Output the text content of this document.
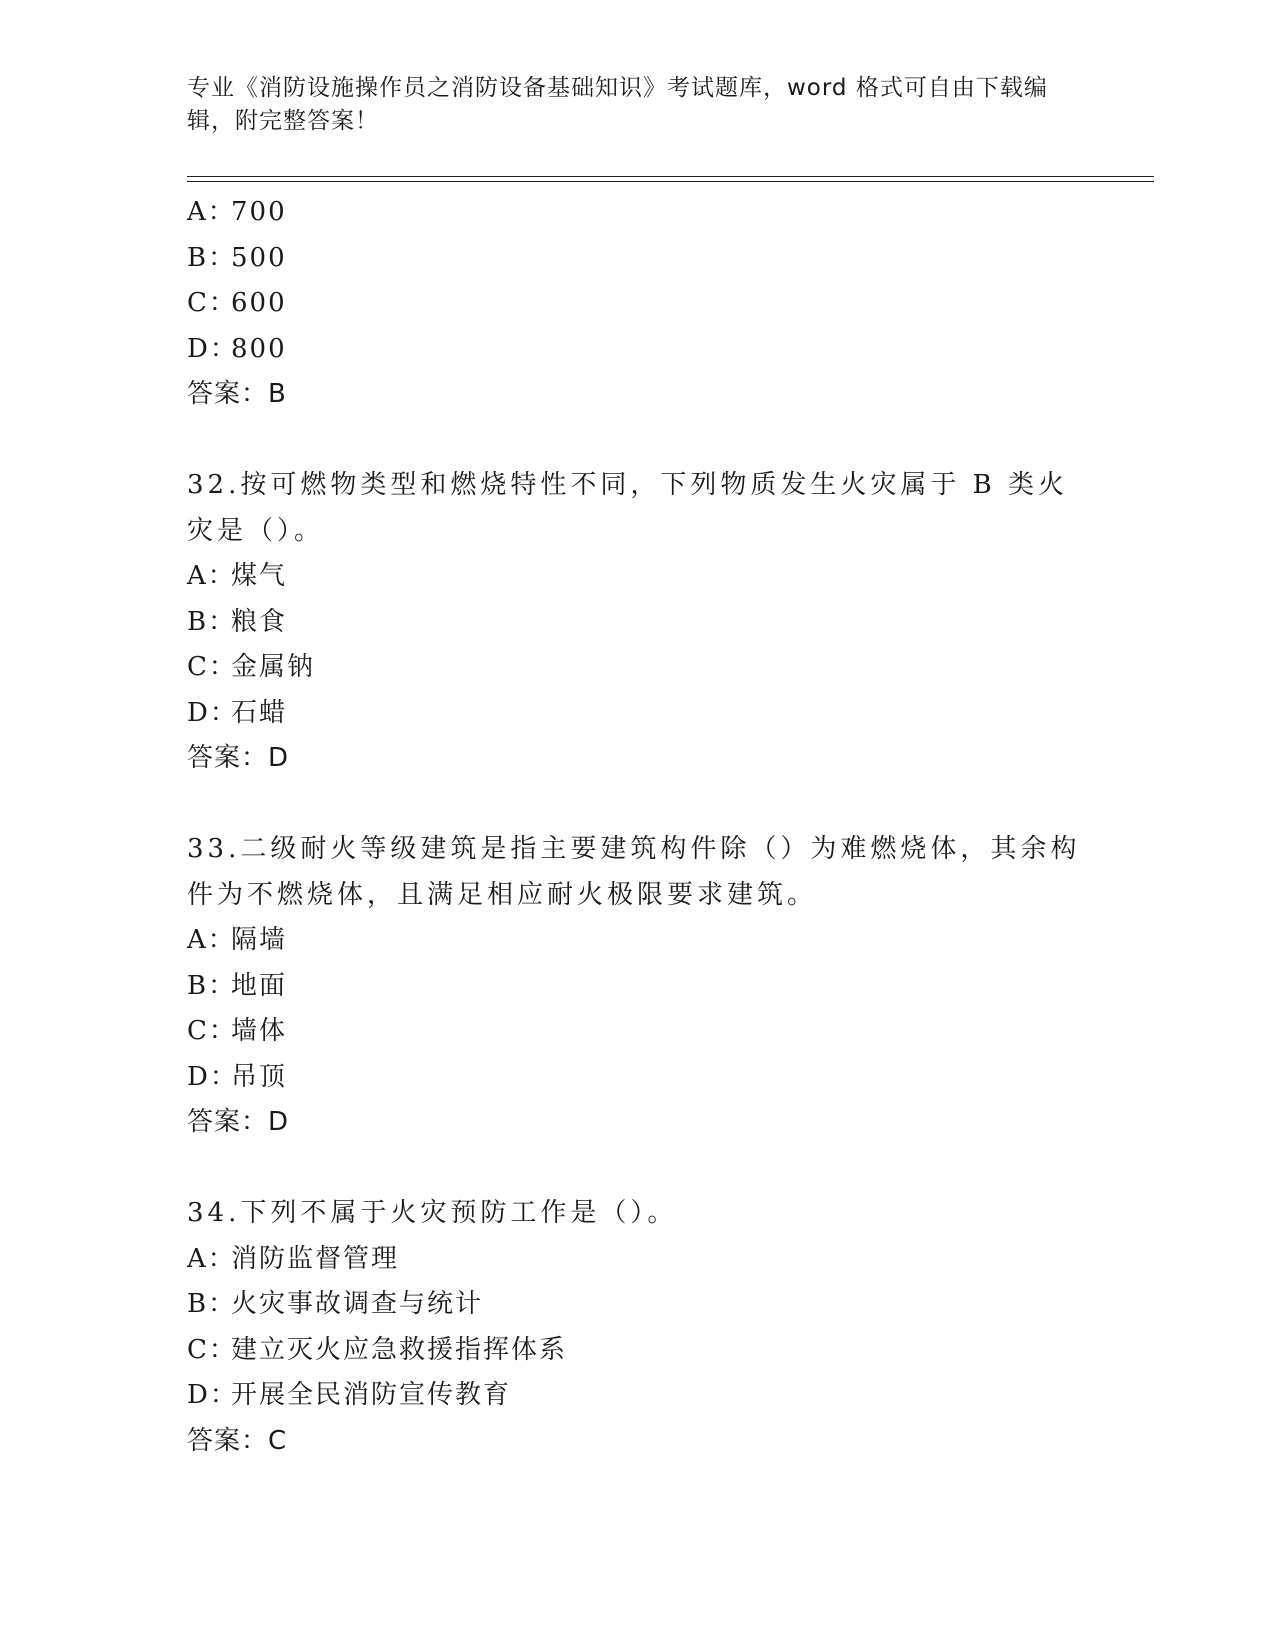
专业《消防设施操作员之消防设备基础知识》考试题库，word 格式可自由下载编辑，附完整答案！
A：700
B：500
C：600
D：800
答案：B
32.按可燃物类型和燃烧特性不同，下列物质发生火灾属于 B 类火灾是（）。
A：煤气
B：粮食
C：金属钠
D：石蜡
答案：D
33.二级耐火等级建筑是指主要建筑构件除（）为难燃烧体，其余构件为不燃烧体，且满足相应耐火极限要求建筑。
A：隔墙
B：地面
C：墙体
D：吊顶
答案：D
34.下列不属于火灾预防工作是（）。
A：消防监督管理
B：火灾事故调查与统计
C：建立灭火应急救援指挥体系
D：开展全民消防宣传教育
答案：C
